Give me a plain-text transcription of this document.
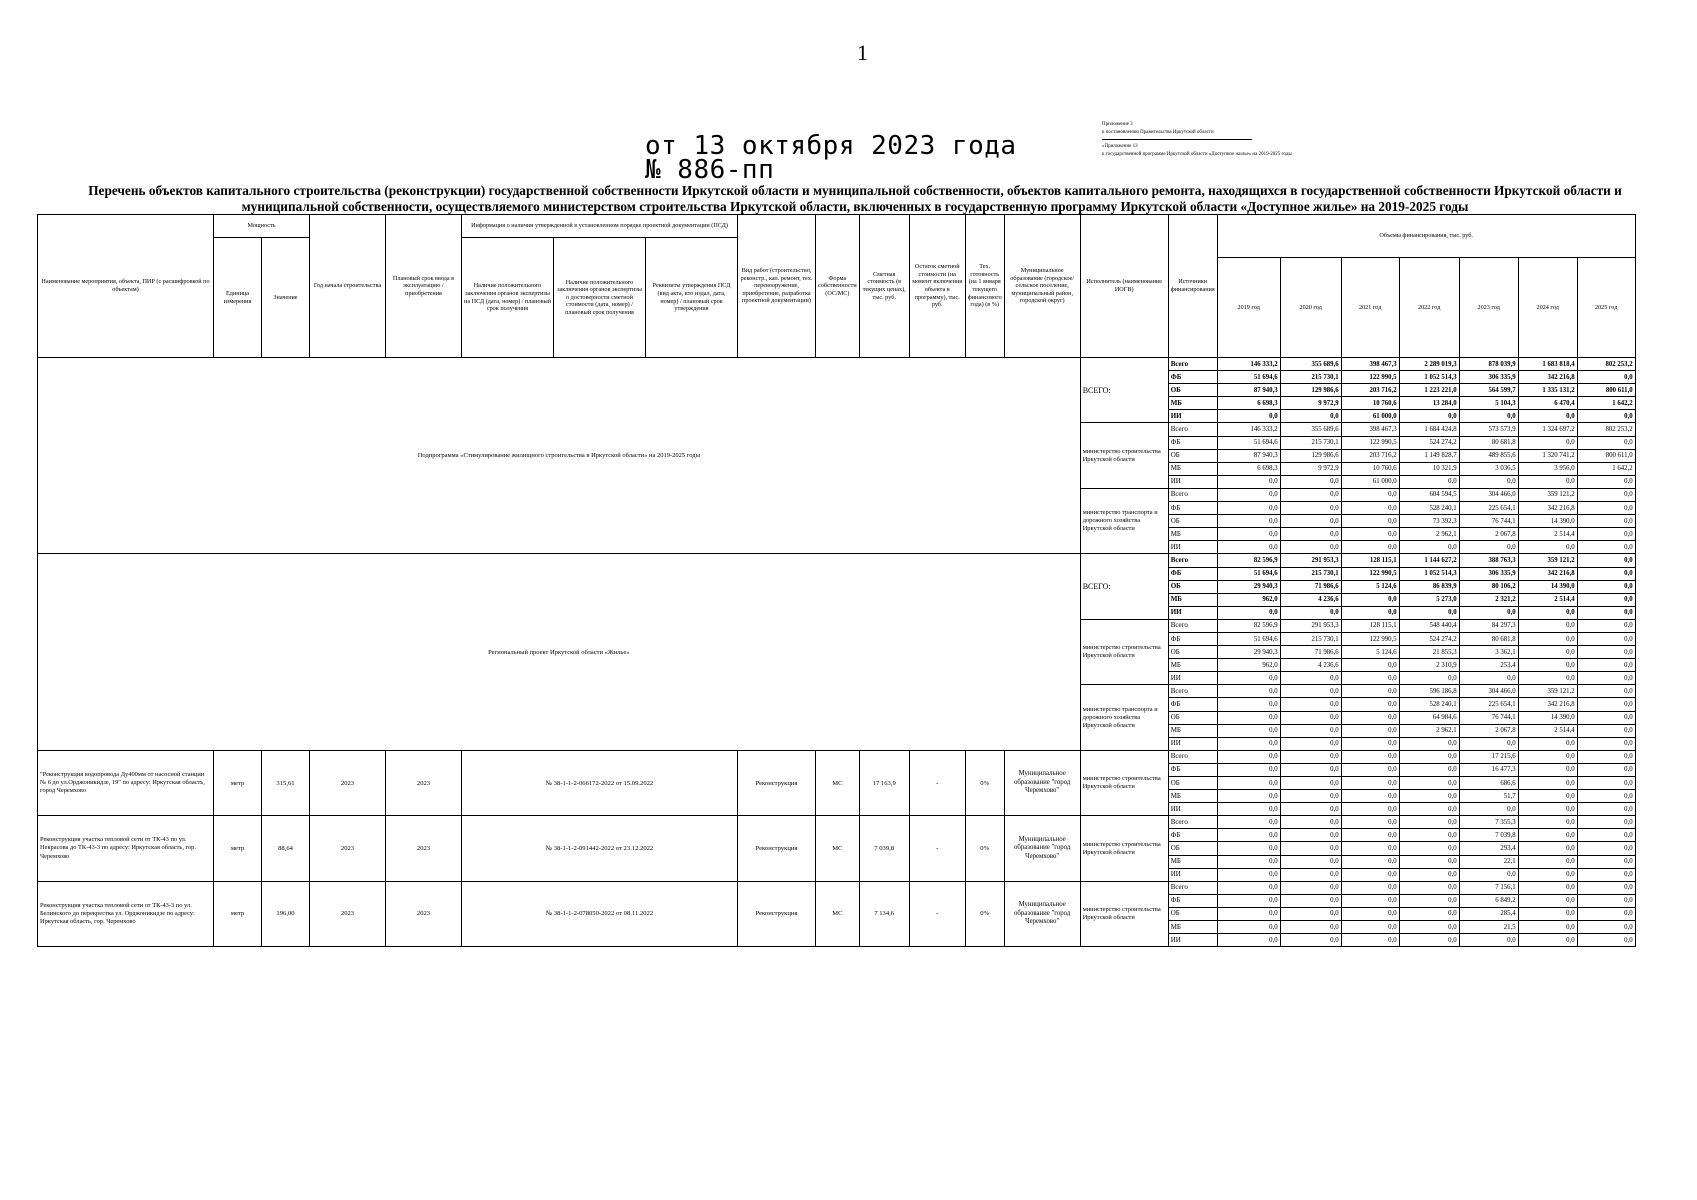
1
Приложение 3
к постановлению Правительства Иркутской области
«Приложение 13
к государственной программе Иркутской области «Доступное жилье» на 2019-2025 годы
от 13 октября 2023 года
№ 886-пп
Перечень объектов капитального строительства (реконструкции) государственной собственности Иркутской области и муниципальной собственности, объектов капитального ремонта, находящихся в государственной собственности Иркутской области и муниципальной собственности, осуществляемого министерством строительства Иркутской области, включенных в государственную программу Иркутской области «Доступное жилье» на 2019-2025 годы
Наименование мероприятия, объекта, ПИР (с расшифровкой по объектам)	Мощность		Год начала строительства	Плановый срок ввода в эксплуатацию / приобретения	Информация о наличии утвержденной в установленном порядке проектной документации (ПСД)			Вид работ (строительство, реконстр., кап. ремонт, тех. перевооружение, приобретение, разработка проектной документации)	Форма собственности (ОС/МС)	Сметная стоимость (в текущих ценах), тыс. руб.	Остаток сметной стоимости (на момент включения объекта в программу), тыс. руб.	Тех. готовность (на 1 января текущего финансового года) (в %)	Муниципальное образование (городское/сельское поселение, муниципальный район, городской округ)	Исполнитель (наименование ИОГВ)	Источники финансирования	Объемы финансирования, тыс. руб.						
	Единица измерения	Значение			Наличие положительного заключения органов экспертизы на ПСД (дата, номер) / плановый срок получения	Наличие положительного заключения органов экспертизы о достоверности сметной стоимости (дата, номер) / плановый срок получения	Реквизиты утверждения ПСД (вид акта, кто издал, дата, номер) / плановый срок утверждения															
																2019 год	2020 год	2021 год	2022 год	2023 год	2024 год	2025 год
Подпрограмма «Стимулирование жилищного строительства в Иркутской области» на 2019-2025 годы														ВСЕГО:	Всего	146 333,2	355 689,6	398 467,3	2 289 019,3	878 039,9	1 683 818,4	802 253,2
															ФБ	51 694,6	215 730,1	122 990,5	1 052 514,3	306 335,9	342 216,8	0,0
															ОБ	87 940,3	129 986,6	203 716,2	1 223 221,0	564 599,7	1 335 131,2	800 611,0
															МБ	6 698,3	9 972,9	10 760,6	13 284,0	5 104,3	6 470,4	1 642,2
															ИИ	0,0	0,0	61 000,0	0,0	0,0	0,0	0,0
														министерство строительства Иркутской области	Всего	146 333,2	355 689,6	398 467,3	1 684 424,8	573 573,9	1 324 697,2	802 253,2
															ФБ	51 694,6	215 730,1	122 990,5	524 274,2	80 681,8	0,0	0,0
															ОБ	87 940,3	129 986,6	203 716,2	1 149 828,7	489 855,6	1 320 741,2	800 611,0
															МБ	6 698,3	9 972,9	10 760,6	10 321,9	3 036,5	3 956,0	1 642,2
															ИИ	0,0	0,0	61 000,0	0,0	0,0	0,0	0,0
														министерство транспорта и дорожного хозяйства Иркутской области	Всего	0,0	0,0	0,0	604 594,5	304 466,0	359 121,2	0,0
															ФБ	0,0	0,0	0,0	528 240,1	225 654,1	342 216,8	0,0
															ОБ	0,0	0,0	0,0	73 392,3	76 744,1	14 390,0	0,0
															МБ	0,0	0,0	0,0	2 962,1	2 067,8	2 514,4	0,0
															ИИ	0,0	0,0	0,0	0,0	0,0	0,0	0,0
Региональный проект Иркутской области «Жилье»														ВСЕГО:	Всего	82 596,9	291 953,3	128 115,1	1 144 627,2	388 763,3	359 121,2	0,0
															ФБ	51 694,6	215 730,1	122 990,5	1 052 514,3	306 335,9	342 216,8	0,0
															ОБ	29 940,3	71 986,6	5 124,6	86 839,9	80 106,2	14 390,0	0,0
															МБ	962,0	4 236,6	0,0	5 273,0	2 321,2	2 514,4	0,0
															ИИ	0,0	0,0	0,0	0,0	0,0	0,0	0,0
														министерство строительства Иркутской области	Всего	82 596,9	291 953,3	128 115,1	548 440,4	84 297,3	0,0	0,0
															ФБ	51 694,6	215 730,1	122 990,5	524 274,2	80 681,8	0,0	0,0
															ОБ	29 940,3	71 986,6	5 124,6	21 855,3	3 362,1	0,0	0,0
															МБ	962,0	4 236,6	0,0	2 310,9	253,4	0,0	0,0
															ИИ	0,0	0,0	0,0	0,0	0,0	0,0	0,0
														министерство транспорта и дорожного хозяйства Иркутской области	Всего	0,0	0,0	0,0	596 186,8	304 466,0	359 121,2	0,0
															ФБ	0,0	0,0	0,0	528 240,1	225 654,1	342 216,8	0,0
															ОБ	0,0	0,0	0,0	64 984,6	76 744,1	14 390,0	0,0
															МБ	0,0	0,0	0,0	2 962,1	2 067,8	2 514,4	0,0
															ИИ	0,0	0,0	0,0	0,0	0,0	0,0	0,0
"Реконструкция водопровода Ду400мм от насосной станции № 6 до ул.Орджоникидзе, 19" по адресу: Иркутская область, город Черемхово	метр	315,61	2023	2023	№ 38-1-1-2-066172-2022 от 15.09.2022			Реконструкция	МС	17 163,9	-	0%	Муниципальное образование "город Черемхово"	министерство строительства Иркутской области	Всего	0,0	0,0	0,0	0,0	17 215,6	0,0	0,0
															ФБ	0,0	0,0	0,0	0,0	16 477,3	0,0	0,0
															ОБ	0,0	0,0	0,0	0,0	686,6	0,0	0,0
															МБ	0,0	0,0	0,0	0,0	51,7	0,0	0,0
															ИИ	0,0	0,0	0,0	0,0	0,0	0,0	0,0
Реконструкция участка тепловой сети от ТК-43 по ул. Некрасова до ТК-43-3 по адресу: Иркутская область, гор. Черемхово	метр	88,64	2023	2023	№ 38-1-1-2-091442-2022 от 23.12.2022			Реконструкция	МС	7 039,8	-	0%	Муниципальное образование "город Черемхово"	министерство строительства Иркутской области	Всего	0,0	0,0	0,0	0,0	7 355,3	0,0	0,0
															ФБ	0,0	0,0	0,0	0,0	7 039,8	0,0	0,0
															ОБ	0,0	0,0	0,0	0,0	293,4	0,0	0,0
															МБ	0,0	0,0	0,0	0,0	22,1	0,0	0,0
															ИИ	0,0	0,0	0,0	0,0	0,0	0,0	0,0
Реконструкция участка тепловой сети от ТК-43-3 по ул. Белинского до перекрестка ул. Орджоникидзе по адресу: Иркутская область, гор. Черемхово	метр	196,00	2023	2023	№ 38-1-1-2-078050-2022 от 08.11.2022			Реконструкция	МС	7 134,6	-	0%	Муниципальное образование "город Черемхово"	министерство строительства Иркутской области	Всего	0,0	0,0	0,0	0,0	7 156,1	0,0	0,0
															ФБ	0,0	0,0	0,0	0,0	6 849,2	0,0	0,0
															ОБ	0,0	0,0	0,0	0,0	285,4	0,0	0,0
															МБ	0,0	0,0	0,0	0,0	21,5	0,0	0,0
															ИИ	0,0	0,0	0,0	0,0	0,0	0,0	0,0
